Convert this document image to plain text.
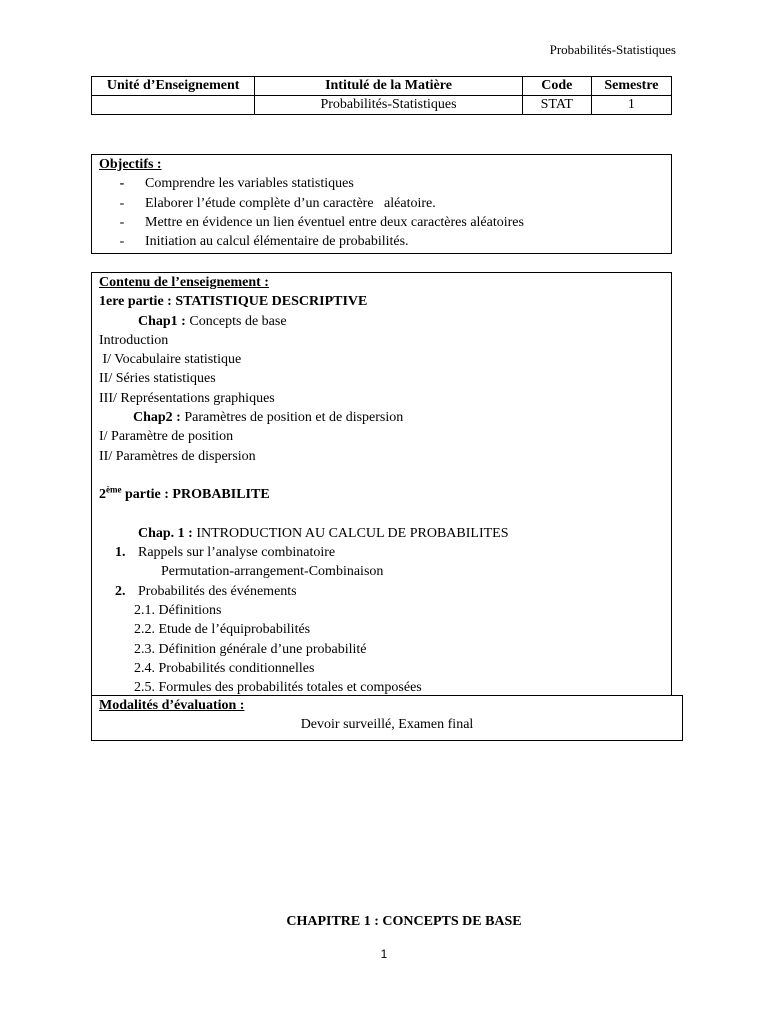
Probabilités-Statistiques
Unité d’Enseignement	Intitulé de la Matière	Code	Semestre
	Probabilités-Statistiques	STAT	1
Objectifs :
-	Comprendre les variables statistiques
-	Elaborer l’étude complète d’un caractère   aléatoire.
-	Mettre en évidence un lien éventuel entre deux caractères aléatoires
-	Initiation au calcul élémentaire de probabilités.
Contenu de l’enseignement :
1ere partie : STATISTIQUE DESCRIPTIVE
Chap1 : Concepts de base
Introduction
I/ Vocabulaire statistique
II/ Séries statistiques
III/ Représentations graphiques
Chap2 : Paramètres de position et de dispersion
I/ Paramètre de position
II/ Paramètres de dispersion
2ème partie : PROBABILITE
Chap. 1 : INTRODUCTION AU CALCUL DE PROBABILITES
1. Rappels sur l’analyse combinatoire
Permutation-arrangement-Combinaison
2. Probabilités des événements
2.1. Définitions
2.2. Etude de l’équiprobabilités
2.3. Définition générale d’une probabilité
2.4. Probabilités conditionnelles
2.5. Formules des probabilités totales et composées
Modalités d’évaluation :
Devoir surveillé, Examen final
CHAPITRE 1 : CONCEPTS DE BASE
1
